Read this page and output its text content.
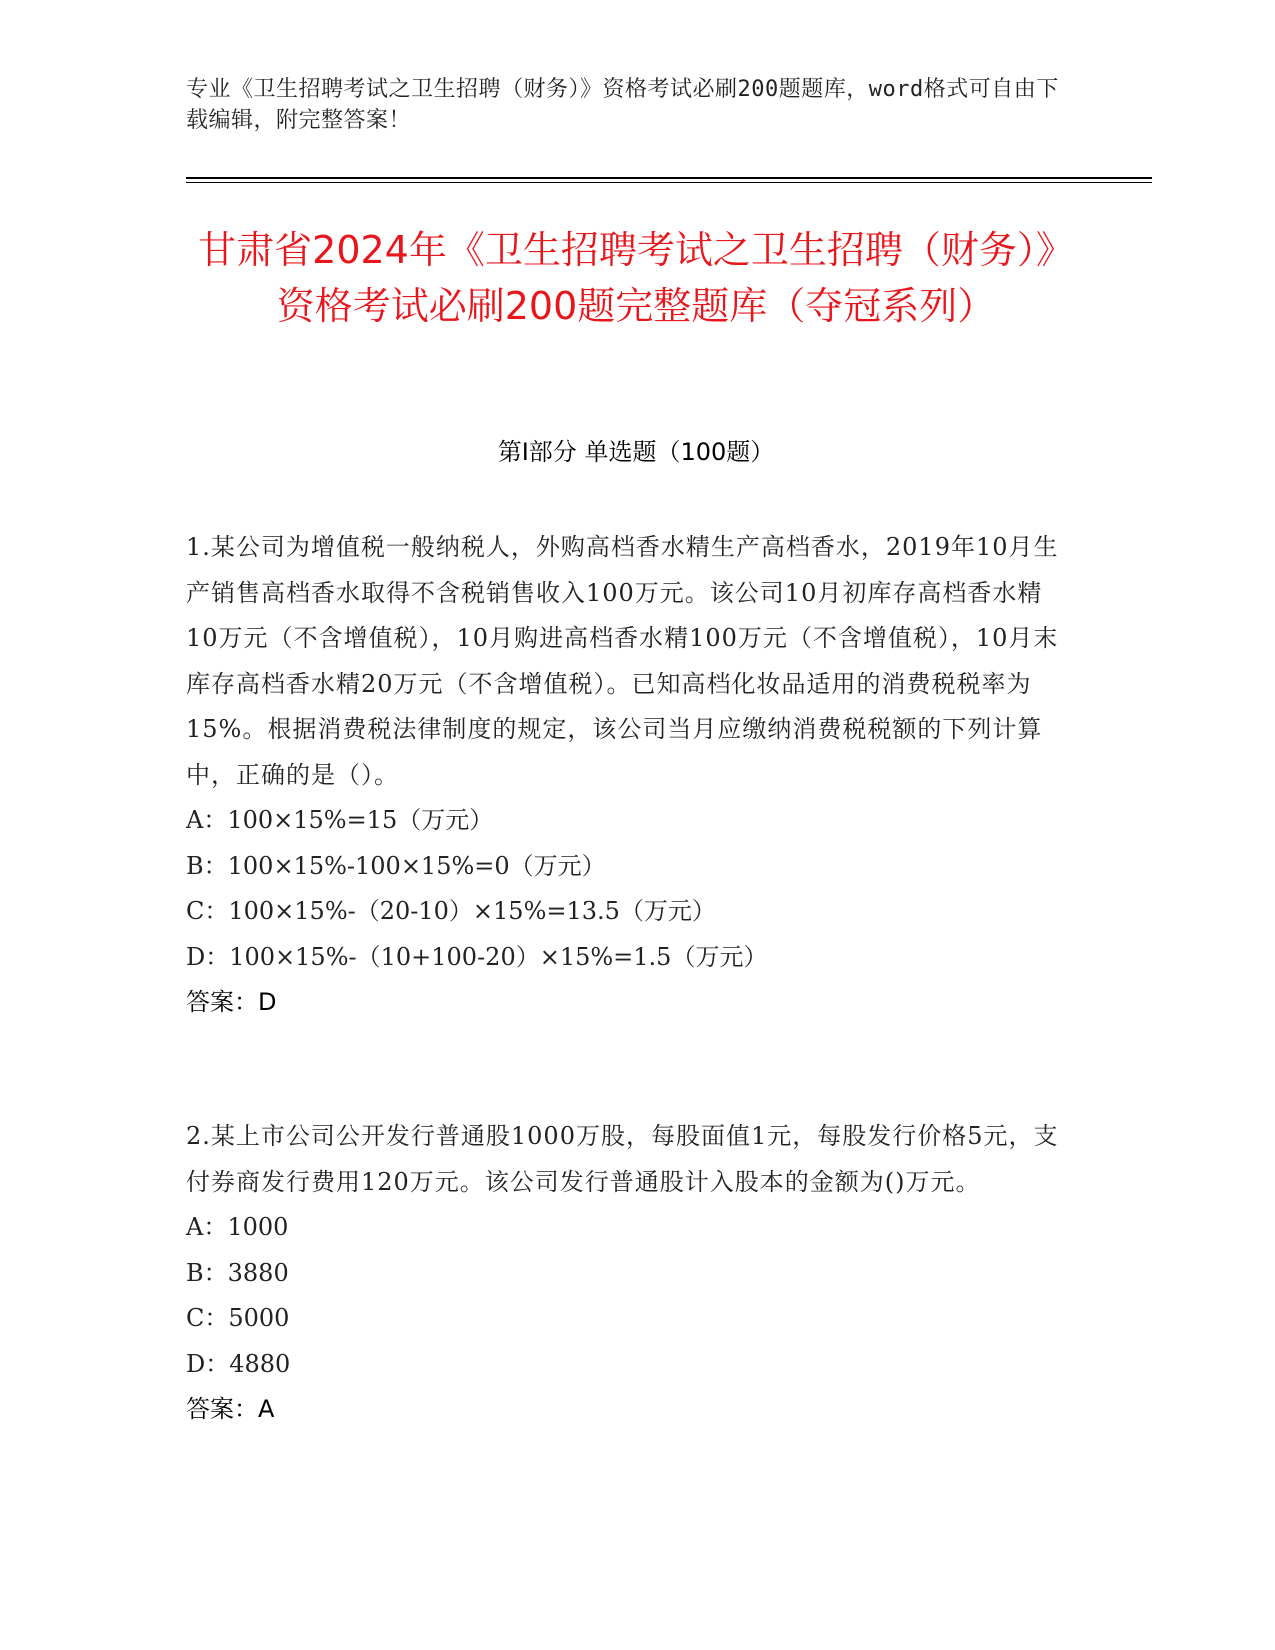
专业《卫生招聘考试之卫生招聘（财务）》资格考试必刷200题题库，word格式可自由下载编辑，附完整答案！
甘肃省2024年《卫生招聘考试之卫生招聘（财务）》资格考试必刷200题完整题库（夺冠系列）
第I部分 单选题（100题）

1.某公司为增值税一般纳税人，外购高档香水精生产高档香水，2019年10月生产销售高档香水取得不含税销售收入100万元。该公司10月初库存高档香水精10万元（不含增值税），10月购进高档香水精100万元（不含增值税），10月末库存高档香水精20万元（不含增值税）。已知高档化妆品适用的消费税税率为15%。根据消费税法律制度的规定，该公司当月应缴纳消费税税额的下列计算中，正确的是（）。

A：100×15%=15（万元）

B：100×15%-100×15%=0（万元）

C：100×15%-（20-10）×15%=13.5（万元）

D：100×15%-（10+100-20）×15%=1.5（万元）

答案：D

2.某上市公司公开发行普通股1000万股，每股面值1元，每股发行价格5元，支付券商发行费用120万元。该公司发行普通股计入股本的金额为()万元。

A：1000

B：3880

C：5000

D：4880

答案：A
